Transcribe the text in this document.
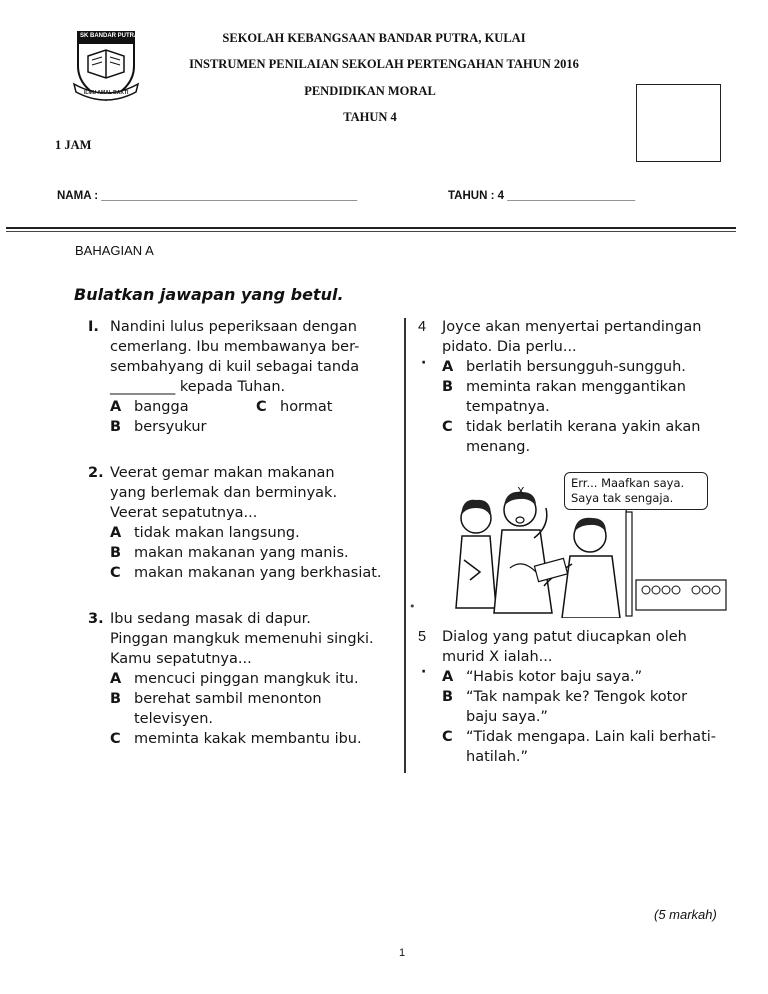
SK BANDAR PUTRA
ILMU AMAL BAKTI
SEKOLAH KEBANGSAAN BANDAR PUTRA, KULAI
INSTRUMEN PENILAIAN SEKOLAH PERTENGAHAN TAHUN 2016
PENDIDIKAN MORAL
TAHUN 4
1 JAM
NAMA : ________________________________________	TAHUN : 4 ____________________
BAHAGIAN A
Bulatkan jawapan yang betul.
I. Nandini lulus peperiksaan dengan
cemerlang. Ibu membawanya ber-
sembahyang di kuil sebagai tanda
_________ kepada Tuhan.
A bangga	C hormat
B bersyukur
2. Veerat gemar makan makanan
yang berlemak dan berminyak.
Veerat sepatutnya...
A tidak makan langsung.
B makan makanan yang manis.
C makan makanan yang berkhasiat.
3. Ibu sedang masak di dapur.
Pinggan mangkuk memenuhi singki.
Kamu sepatutnya...
A mencuci pinggan mangkuk itu.
B berehat sambil menonton
televisyen.
C meminta kakak membantu ibu.
4 Joyce akan menyertai pertandingan
pidato. Dia perlu...
A berlatih bersungguh-sungguh.
B meminta rakan menggantikan
tempatnya.
C tidak berlatih kerana yakin akan
menang.
·
X
Err... Maafkan saya.
Saya tak sengaja.
•
5 Dialog yang patut diucapkan oleh
murid X ialah...
A “Habis kotor baju saya.”
B “Tak nampak ke? Tengok kotor
baju saya.”
C “Tidak mengapa. Lain kali berhati-
hatilah.”
·
(5 markah)
1
